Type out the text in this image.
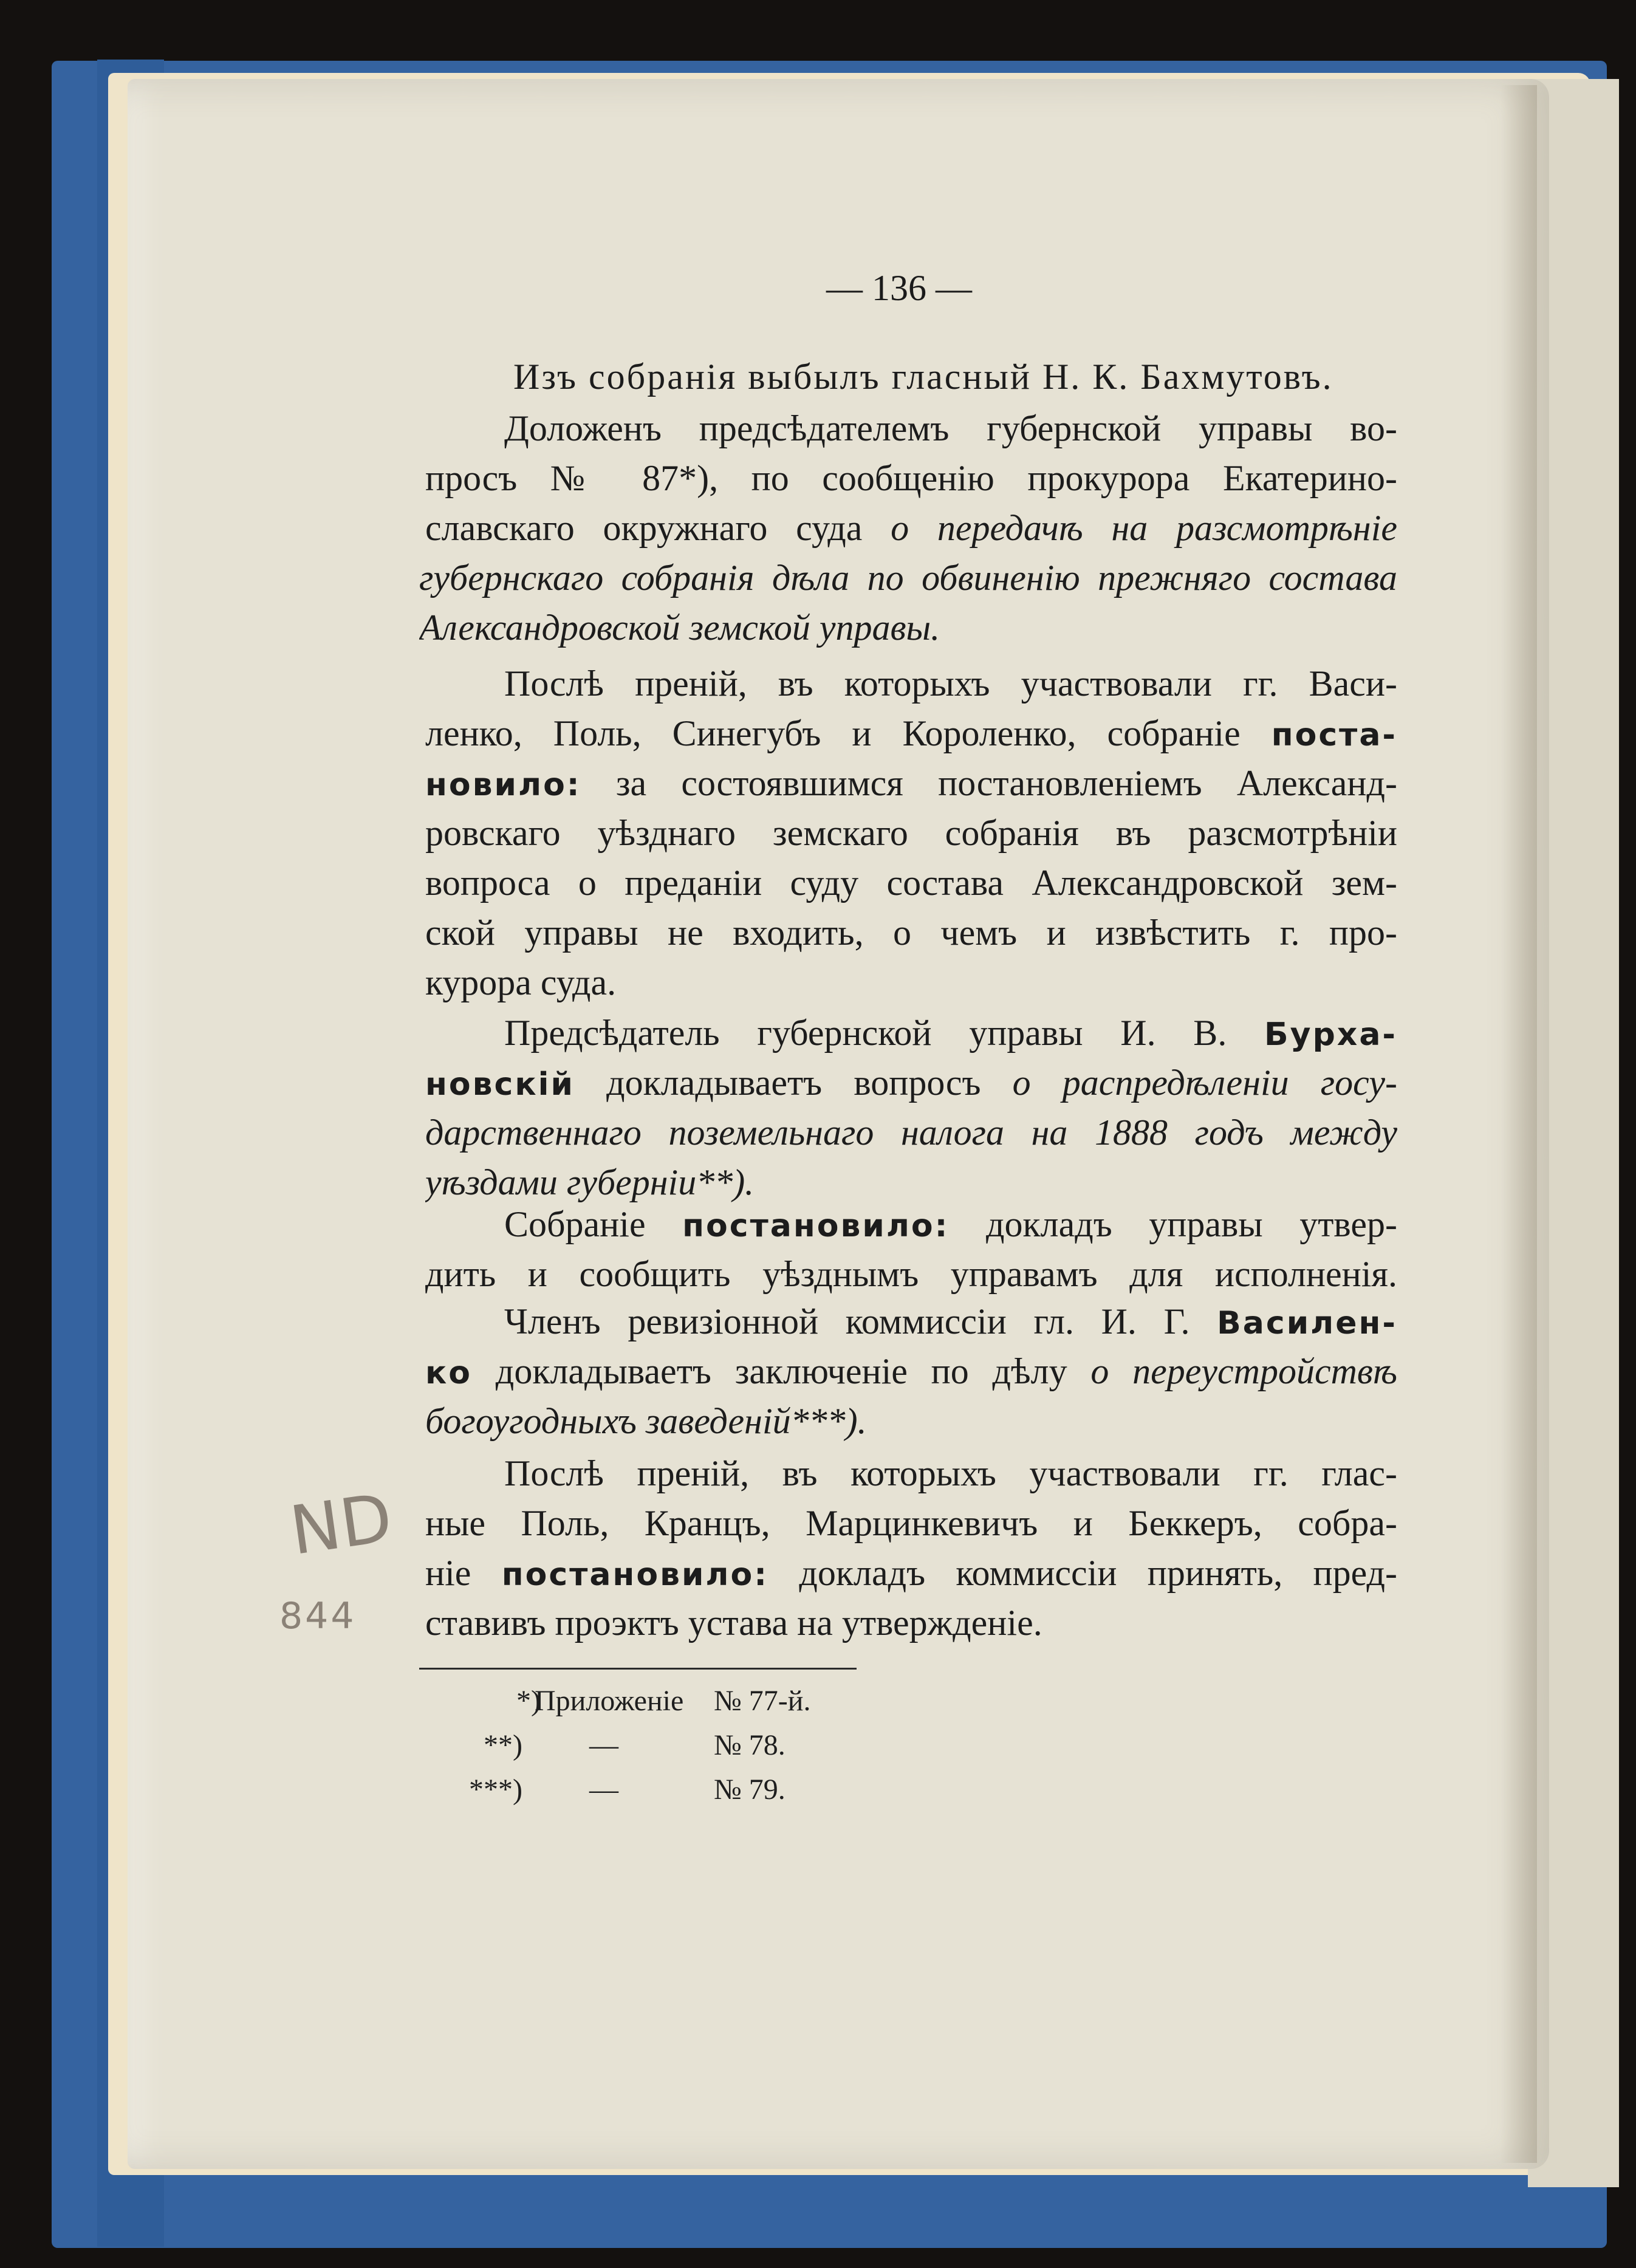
— 136 —
Изъ собранія выбылъ гласный Н. К. Бахмутовъ.
Доложенъ предсѣдателемъ губернской управы во-
просъ № 87*), по сообщенію прокурора Екатерино-
славскаго окружнаго суда о передачѣ на разсмотрѣніе
губернскаго собранія дѣла по обвиненію прежняго состава
Александровской земской управы.
Послѣ преній, въ которыхъ участвовали гг. Васи-
ленко, Поль, Синегубъ и Короленко, собраніе поста-
новило: за состоявшимся постановленіемъ Александ-
ровскаго уѣзднаго земскаго собранія въ разсмотрѣніи
вопроса о преданіи суду состава Александровской зем-
ской управы не входить, о чемъ и извѣстить г. про-
курора суда.
Предсѣдатель губернской управы И. В. Бурха-
новскій докладываетъ вопросъ о распредѣленіи госу-
дарственнаго поземельнаго налога на 1888 годъ между
уѣздами губерніи**).
Собраніе постановило: докладъ управы утвер-
дить и сообщить уѣзднымъ управамъ для исполненія.
Членъ ревизіонной коммиссіи гл. И. Г. Василен-
ко докладываетъ заключеніе по дѣлу о переустройствѣ
богоугодныхъ заведеній***).
Послѣ преній, въ которыхъ участвовали гг. глас-
ные Поль, Кранцъ, Марцинкевичъ и Беккеръ, собра-
ніе постановило: докладъ коммиссіи принять, пред-
ставивъ проэктъ устава на утвержденіе.
*)
Приложеніе № 77-й.
**) —	№ 78.
***) —	№ 79.
ND
844
